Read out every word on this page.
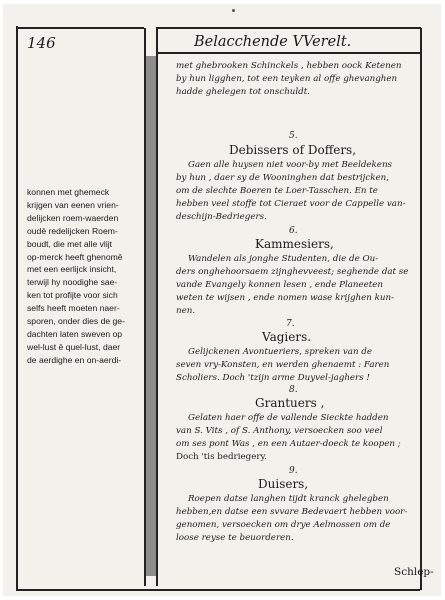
146	Belacchende VVerelt.
konnen met ghemeck
krijgen van eenen vrien-
delijcken roem-waerden
oudē redelijcken Roem-
boudt, die met alle vlijt
op-merck heeft ghenomē
met een eerlijck insicht,
terwijl hy noodighe sae-
ken tot profijte voor sich
selfs heeft moeten naer-
sporen, onder dies de ge-
dachten laten sweven op
wel-lust ē quel-lust, daer
de aerdighe en on-aerdi-
met ghebrooken Schinckels , hebben oock Ketenen
by hun ligghen, tot een teyken al offe ghevanghen
hadde ghelegen tot onschuldt.
5.
Debissers of Doffers,
Gaen alle huysen niet voor-by met Beeldekens
by hun , daer sy de Wooninghen dat bestrijcken,
om de slechte Boeren te Loer-Tasschen. En te
hebben veel stoffe tot Cieraet voor de Cappelle van-
deschijn-Bedriegers.
6.
Kammesiers,
Wandelen als jonghe Studenten, die de Ou-
ders onghehoorsaem zijnghevveest; seghende dat se
vande Evangely konnen lesen , ende Planeeten
weten te wijsen , ende nomen wase krijghen kun-
nen.
7.
Vagiers.
Gelijckenen Avontueriers, spreken van de
seven vry-Konsten, en werden ghenaemt : Faren
Scholiers. Doch 'tzijn arme Duyvel-jaghers !
8.
Grantuers ,
Gelaten haer offe de vallende Sieckte hadden
van S. Vits , of S. Anthony, versoecken soo veel
om ses pont Was , en een Autaer-doeck te koopen ;
Doch 'tis bedriegery.
9.
Duisers,
Roepen datse langhen tijdt kranck ghelegben
hebben,en datse een svvare Bedevaert hebben voor-
genomen, versoecken om drye Aelmossen om de
loose reyse te beuorderen.
Schlep-
